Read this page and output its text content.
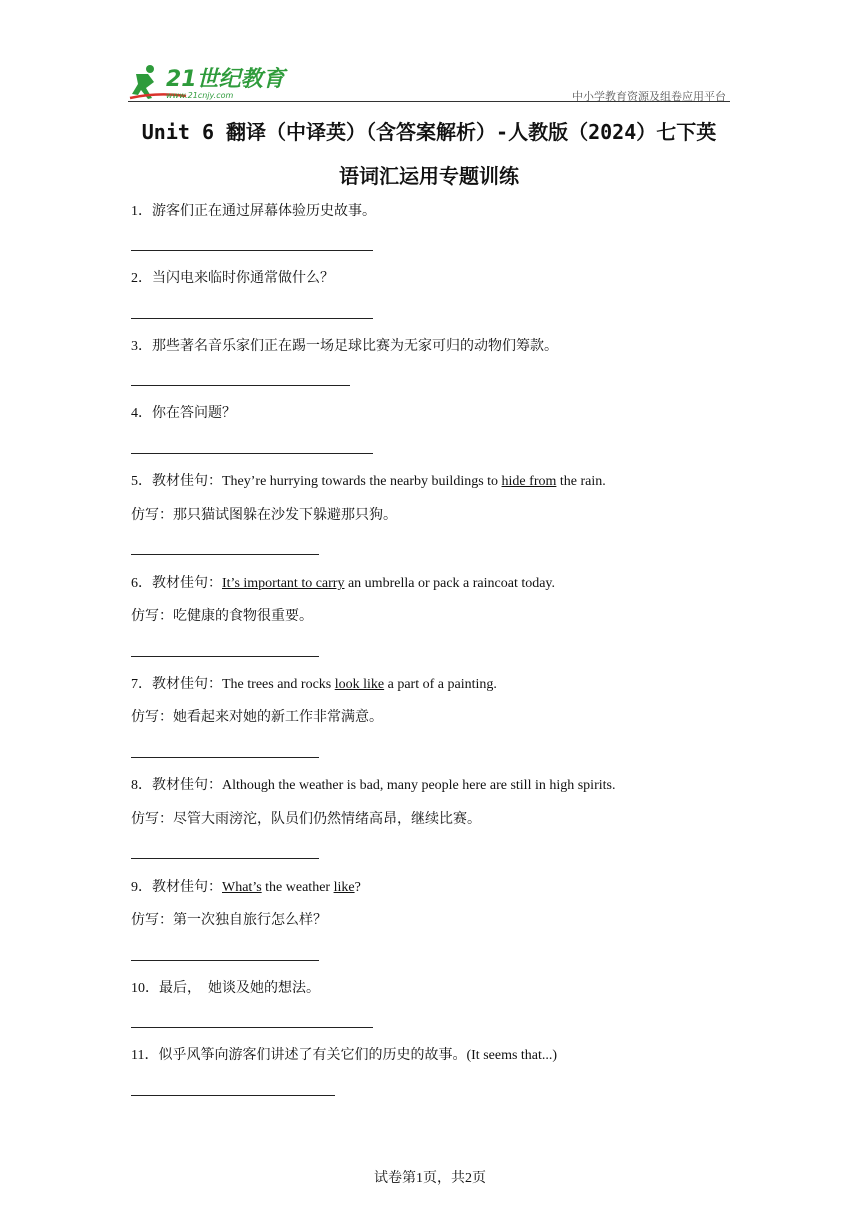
21世纪教育
www.21cnjy.com	中小学教育资源及组卷应用平台
Unit 6 翻译（中译英）（含答案解析）-人教版（2024）七下英
语词汇运用专题训练
1．游客们正在通过屏幕体验历史故事。
2．当闪电来临时你通常做什么？
3．那些著名音乐家们正在踢一场足球比赛为无家可归的动物们筹款。
4．你在答问题？
5．教材佳句：They’re hurrying towards the nearby buildings to hide from the rain.
仿写：那只猫试图躲在沙发下躲避那只狗。
6．教材佳句：It’s important to carry an umbrella or pack a raincoat today.
仿写：吃健康的食物很重要。
7．教材佳句：The trees and rocks look like a part of a painting.
仿写：她看起来对她的新工作非常满意。
8．教材佳句：Although the weather is bad, many people here are still in high spirits.
仿写：尽管大雨滂沱，队员们仍然情绪高昂，继续比赛。
9．教材佳句：What’s the weather like?
仿写：第一次独自旅行怎么样？
10．最后，  她谈及她的想法。
11．似乎风筝向游客们讲述了有关它们的历史的故事。(It seems that...)
试卷第1页，共2页
